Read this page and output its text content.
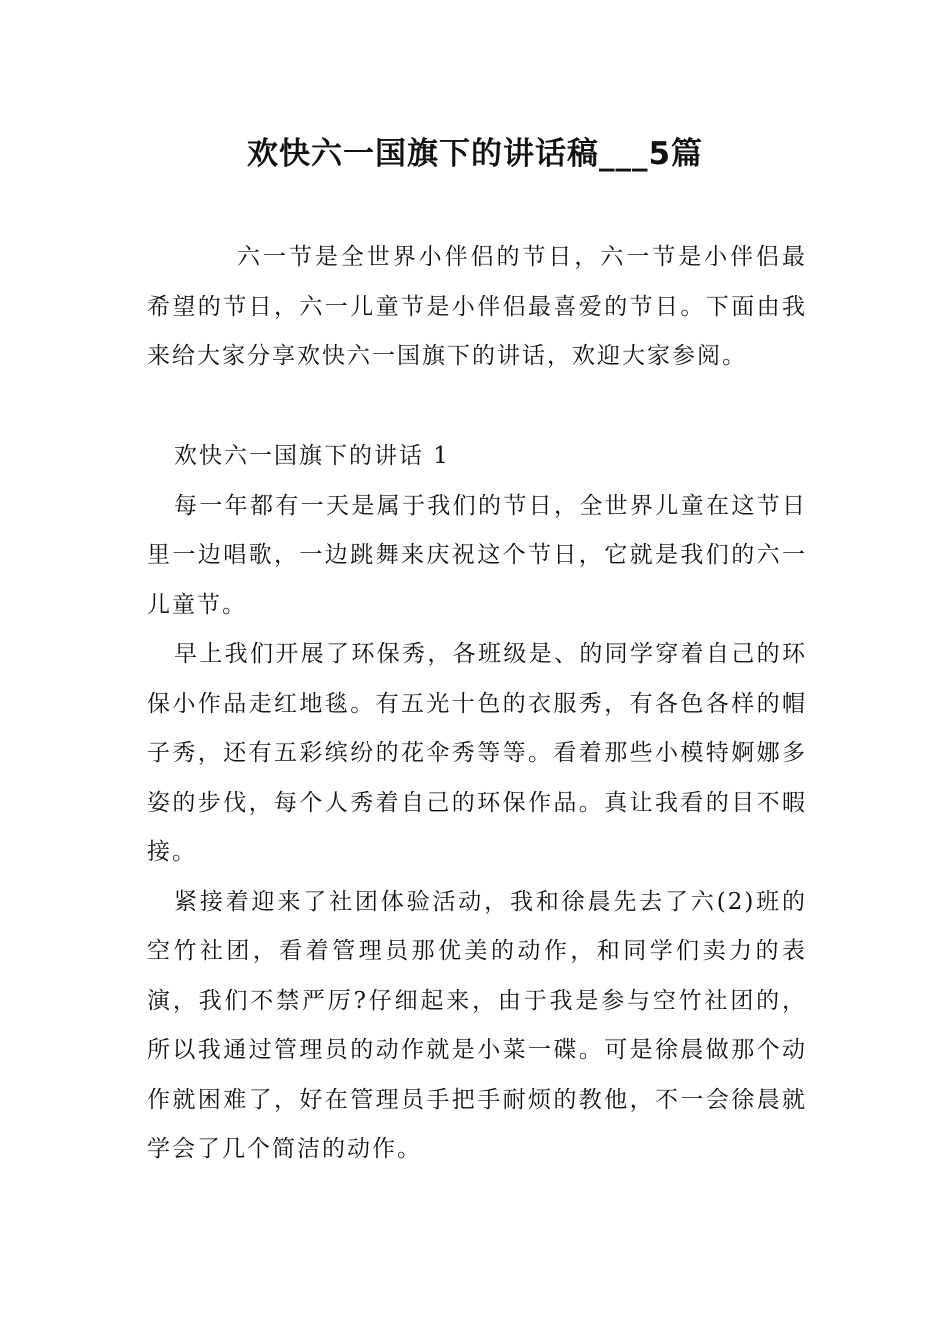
欢快六一国旗下的讲话稿___5篇

六一节是全世界小伴侣的节日，六一节是小伴侣最希望的节日，六一儿童节是小伴侣最喜爱的节日。下面由我来给大家分享欢快六一国旗下的讲话，欢迎大家参阅。

欢快六一国旗下的讲话 1

每一年都有一天是属于我们的节日，全世界儿童在这节日里一边唱歌，一边跳舞来庆祝这个节日，它就是我们的六一儿童节。

早上我们开展了环保秀，各班级是、的同学穿着自己的环保小作品走红地毯。有五光十色的衣服秀，有各色各样的帽子秀，还有五彩缤纷的花伞秀等等。看着那些小模特婀娜多姿的步伐，每个人秀着自己的环保作品。真让我看的目不暇接。

紧接着迎来了社团体验活动，我和徐晨先去了六(2)班的空竹社团，看着管理员那优美的动作，和同学们卖力的表演，我们不禁严厉?仔细起来，由于我是参与空竹社团的，所以我通过管理员的动作就是小菜一碟。可是徐晨做那个动作就困难了，好在管理员手把手耐烦的教他，不一会徐晨就学会了几个简洁的动作。
